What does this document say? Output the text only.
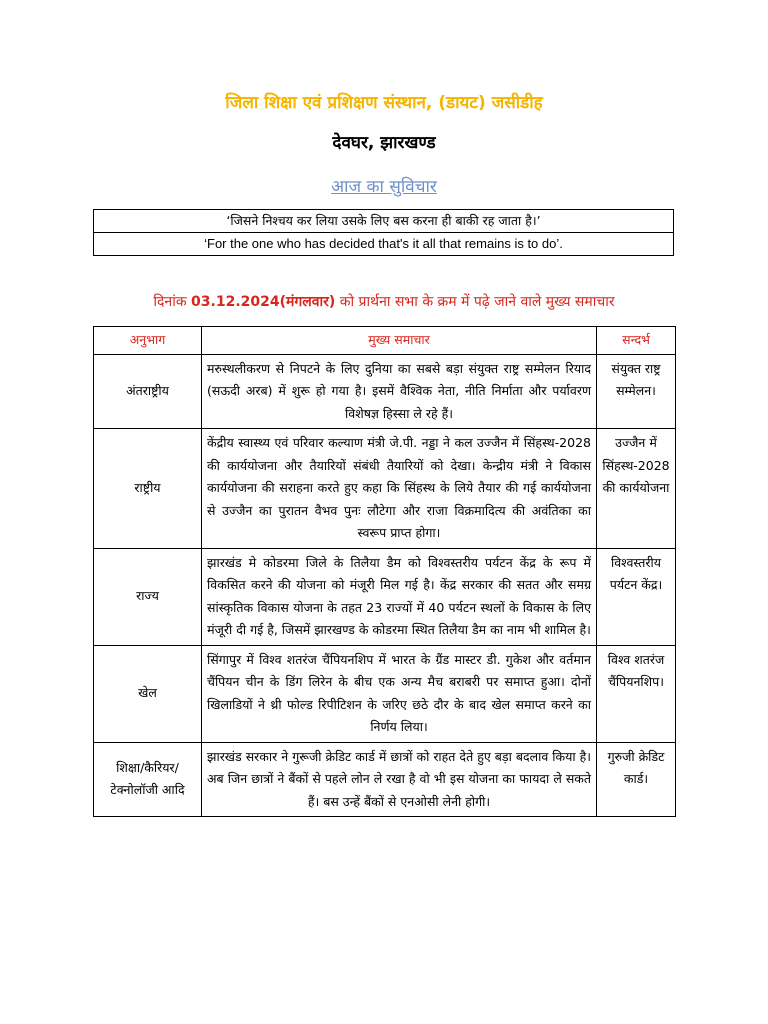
जिला शिक्षा एवं प्रशिक्षण संस्थान, (डायट) जसीडीह
देवघर, झारखण्ड
आज का सुविचार
‘जिसने निश्चय कर लिया उसके लिए बस करना ही बाकी रह जाता है।’
‘For the one who has decided that's it all that remains is to do’.
दिनांक 03.12.2024(मंगलवार) को प्रार्थना सभा के क्रम में पढ़े जाने वाले मुख्य समाचार
अनुभाग	मुख्य समाचार	सन्दर्भ
अंतराष्ट्रीय	मरुस्थलीकरण से निपटने के लिए दुनिया का सबसे बड़ा संयुक्त राष्ट्र सम्मेलन रियाद (सऊदी अरब) में शुरू हो गया है। इसमें वैश्विक नेता, नीति निर्माता और पर्यावरण विशेषज्ञ हिस्सा ले रहे हैं।	संयुक्त राष्ट्र सम्मेलन।
राष्ट्रीय	केंद्रीय स्वास्थ्य एवं परिवार कल्याण मंत्री जे.पी. नड्डा ने कल उज्जैन में सिंहस्थ-2028 की कार्ययोजना और तैयारियों संबंधी तैयारियों को देखा। केन्द्रीय मंत्री ने विकास कार्ययोजना की सराहना करते हुए कहा कि सिंहस्थ के लिये तैयार की गई कार्ययोजना से उज्जैन का पुरातन वैभव पुनः लौटेगा और राजा विक्रमादित्य की अवंतिका का स्वरूप प्राप्त होगा।	उज्जैन में सिंहस्थ-2028 की कार्ययोजना
राज्य	झारखंड मे कोडरमा जिले के तिलैया डैम को विश्वस्तरीय पर्यटन केंद्र के रूप में विकसित करने की योजना को मंजूरी मिल गई है। केंद्र सरकार की सतत और समग्र सांस्कृतिक विकास योजना के तहत 23 राज्यों में 40 पर्यटन स्थलों के विकास के लिए मंजूरी दी गई है, जिसमें झारखण्ड के कोडरमा स्थित तिलैया डैम का नाम भी शामिल है।	विश्वस्तरीय पर्यटन केंद्र।
खेल	सिंगापुर में विश्व शतरंज चैंपियनशिप में भारत के ग्रैंड मास्टर डी. गुकेश और वर्तमान चैंपियन चीन के डिंग लिरेन के बीच एक अन्य मैच बराबरी पर समाप्त हुआ। दोनों खिलाडियों ने थ्री फोल्ड रिपीटिशन के जरिए छठे दौर के बाद खेल समाप्त करने का निर्णय लिया।	विश्व शतरंज चैंपियनशिप।
शिक्षा/कैरियर/टेक्नोलॉजी आदि	झारखंड सरकार ने गुरूजी क्रेडिट कार्ड में छात्रों को राहत देते हुए बड़ा बदलाव किया है। अब जिन छात्रों ने बैंकों से पहले लोन ले रखा है वो भी इस योजना का फायदा ले सकते हैं। बस उन्हें बैंकों से एनओसी लेनी होगी।	गुरुजी क्रेडिट कार्ड।
